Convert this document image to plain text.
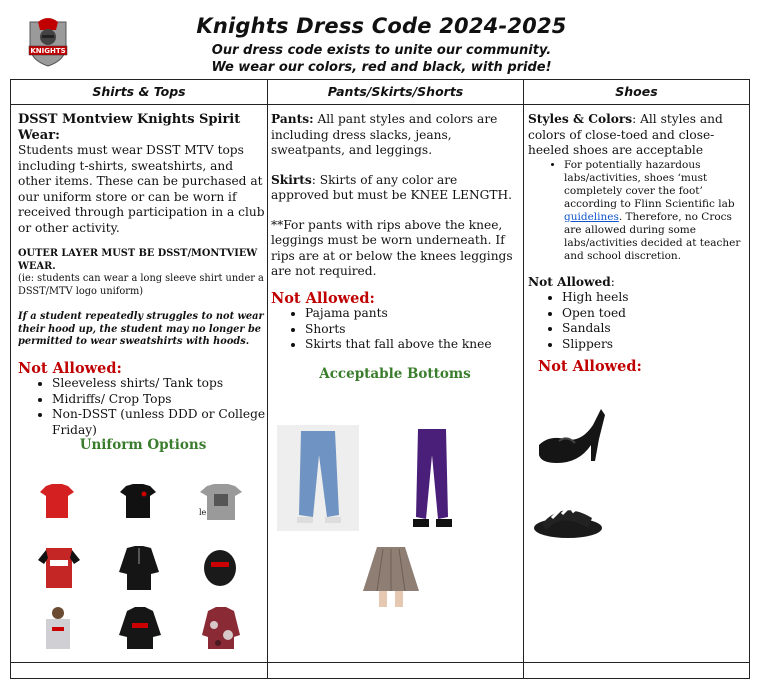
KNIGHTS
Knights Dress Code 2024-2025
Our dress code exists to unite our community.
We wear our colors, red and black, with pride!
Shirts & Tops	Pants/Skirts/Shorts	Shoes

DSST Montview Knights Spirit Wear:

Students must wear DSST MTV tops including t-shirts, sweatshirts, and other items. These can be purchased at our uniform store or can be worn if received through participation in a club or other activity.

OUTER LAYER MUST BE DSST/MONTVIEW WEAR.

(ie: students can wear a long sleeve shirt under a DSST/MTV logo uniform)

If a student repeatedly struggles to not wear their hood up, the student may no longer be permitted to wear sweatshirts with hoods.

Not Allowed:

• Sleeveless shirts/ Tank tops
• Midriffs/ Crop Tops
• Non-DSST (unless DDD or College Friday)

Uniform Options

Pants: All pant styles and colors are including dress slacks, jeans, sweatpants, and leggings.

Skirts: Skirts of any color are approved but must be KNEE LENGTH.

**For pants with rips above the knee, leggings must be worn underneath. If rips are at or below the knees leggings are not required.

Not Allowed:

• Pajama pants
• Shorts
• Skirts that fall above the knee

Acceptable Bottoms

Styles & Colors: All styles and colors of close-toed and close-heeled shoes are acceptable

• For potentially hazardous labs/activities, shoes ‘must completely cover the foot’ according to Flinn Scientific lab guidelines. Therefore, no Crocs are allowed during some labs/activities decided at teacher and school discretion.

Not Allowed:

• High heels
• Open toed
• Sandals
• Slippers

Not Allowed:

le
